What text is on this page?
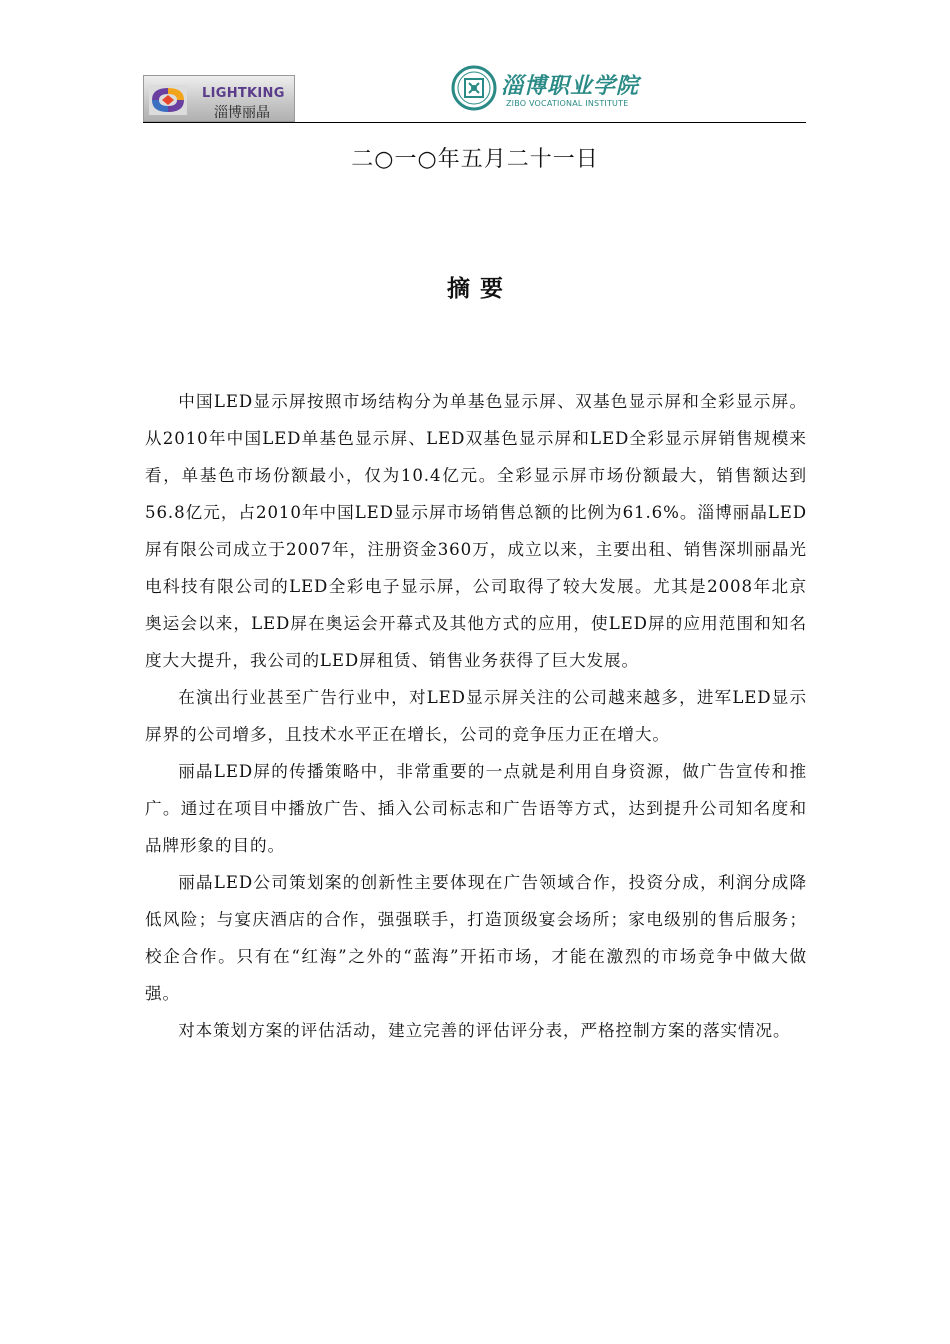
LIGHTKING
淄博丽晶
淄博职业学院
ZIBO VOCATIONAL INSTITUTE
二○一○年五月二十一日
摘要

中国LED显示屏按照市场结构分为单基色显示屏、双基色显示屏和全彩显示屏。从2010年中国LED单基色显示屏、LED双基色显示屏和LED全彩显示屏销售规模来看，单基色市场份额最小，仅为10.4亿元。全彩显示屏市场份额最大，销售额达到56.8亿元，占2010年中国LED显示屏市场销售总额的比例为61.6%。淄博丽晶LED屏有限公司成立于2007年，注册资金360万，成立以来，主要出租、销售深圳丽晶光电科技有限公司的LED全彩电子显示屏，公司取得了较大发展。尤其是2008年北京奥运会以来，LED屏在奥运会开幕式及其他方式的应用，使LED屏的应用范围和知名度大大提升，我公司的LED屏租赁、销售业务获得了巨大发展。

在演出行业甚至广告行业中，对LED显示屏关注的公司越来越多，进军LED显示屏界的公司增多，且技术水平正在增长，公司的竞争压力正在增大。

丽晶LED屏的传播策略中，非常重要的一点就是利用自身资源，做广告宣传和推广。通过在项目中播放广告、插入公司标志和广告语等方式，达到提升公司知名度和品牌形象的目的。

丽晶LED公司策划案的创新性主要体现在广告领域合作，投资分成，利润分成降低风险；与宴庆酒店的合作，强强联手，打造顶级宴会场所；家电级别的售后服务；校企合作。只有在“红海”之外的“蓝海”开拓市场，才能在激烈的市场竞争中做大做强。

对本策划方案的评估活动，建立完善的评估评分表，严格控制方案的落实情况。
